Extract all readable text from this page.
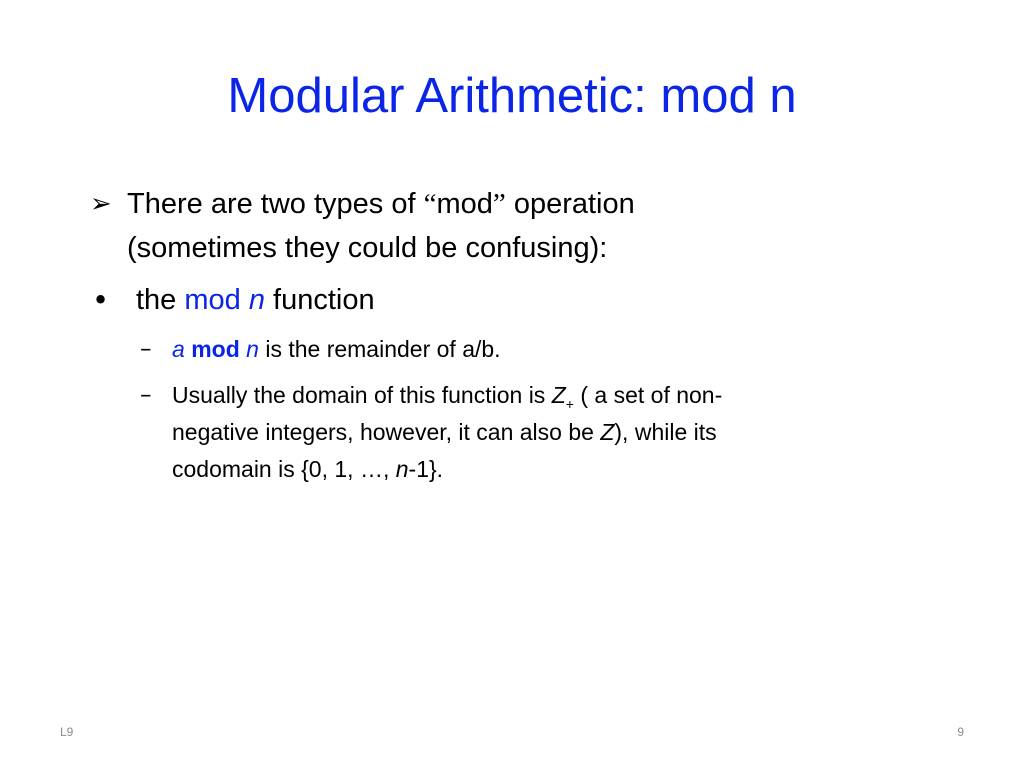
Modular Arithmetic: mod n
➢ There are two types of “mod” operation
(sometimes they could be confusing):
• the mod n function
– a mod n is the remainder of a/b.
– Usually the domain of this function is $Z_+$ ( a set of non-
negative integers, however, it can also be Z), while its
codomain is {0, 1, …, n-1}.
L9	9
